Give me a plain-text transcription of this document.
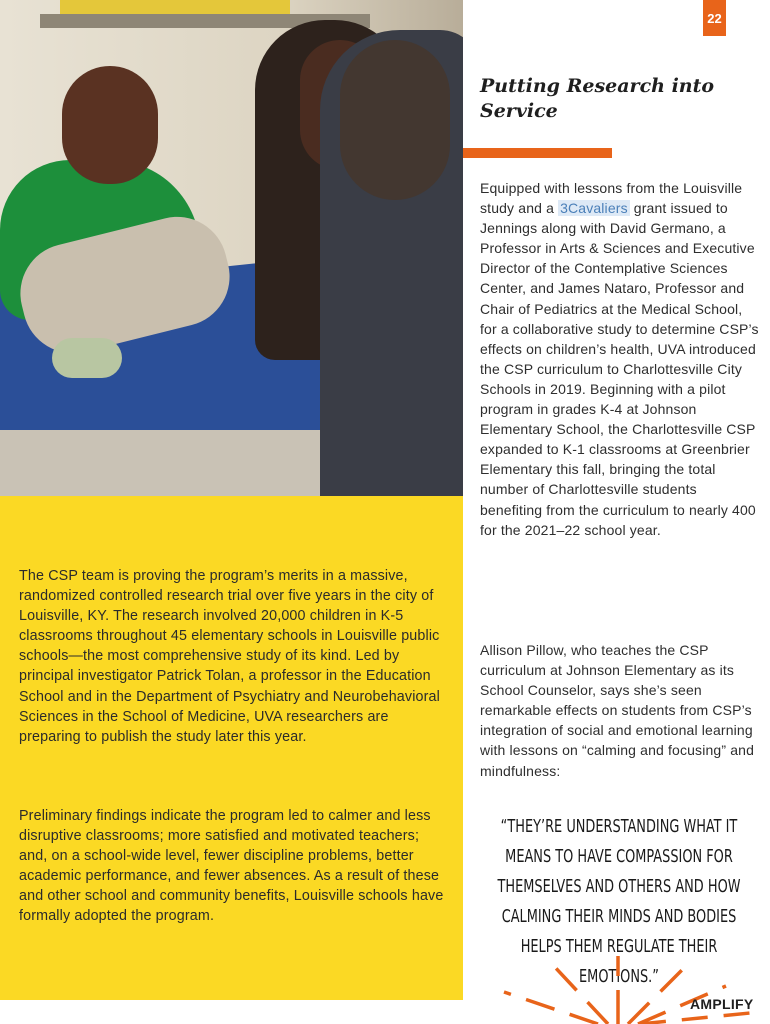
22
Putting Research into Service

Equipped with lessons from the Louisville study and a 3Cavaliers grant issued to Jennings along with David Germano, a Professor in Arts & Sciences and Executive Director of the Contemplative Sciences Center, and James Nataro, Professor and Chair of Pediatrics at the Medical School, for a collaborative study to determine CSP’s effects on children’s health, UVA introduced the CSP curriculum to Charlottesville City Schools in 2019. Beginning with a pilot program in grades K-4 at Johnson Elementary School, the Charlottesville CSP expanded to K-1 classrooms at Greenbrier Elementary this fall, bringing the total number of Charlottesville students benefiting from the curriculum to nearly 400 for the 2021–22 school year.

Allison Pillow, who teaches the CSP curriculum at Johnson Elementary as its School Counselor, says she’s seen remarkable effects on students from CSP’s integration of social and emotional learning with lessons on “calming and focusing” and mindfulness:

“THEY’RE UNDERSTANDING WHAT IT MEANS TO HAVE COMPASSION FOR THEMSELVES AND OTHERS AND HOW CALMING THEIR MINDS AND BODIES HELPS THEM REGULATE THEIR EMOTIONS.”
AMPLIFY

The CSP team is proving the program’s merits in a massive, randomized controlled research trial over five years in the city of Louisville, KY. The research involved 20,000 children in K-5 classrooms throughout 45 elementary schools in Louisville public schools—the most comprehensive study of its kind. Led by principal investigator Patrick Tolan, a professor in the Education School and in the Department of Psychiatry and Neurobehavioral Sciences in the School of Medicine, UVA researchers are preparing to publish the study later this year.

Preliminary findings indicate the program led to calmer and less disruptive classrooms; more satisfied and motivated teachers; and, on a school-wide level, fewer discipline problems, better academic performance, and fewer absences. As a result of these and other school and community benefits, Louisville schools have formally adopted the program.
